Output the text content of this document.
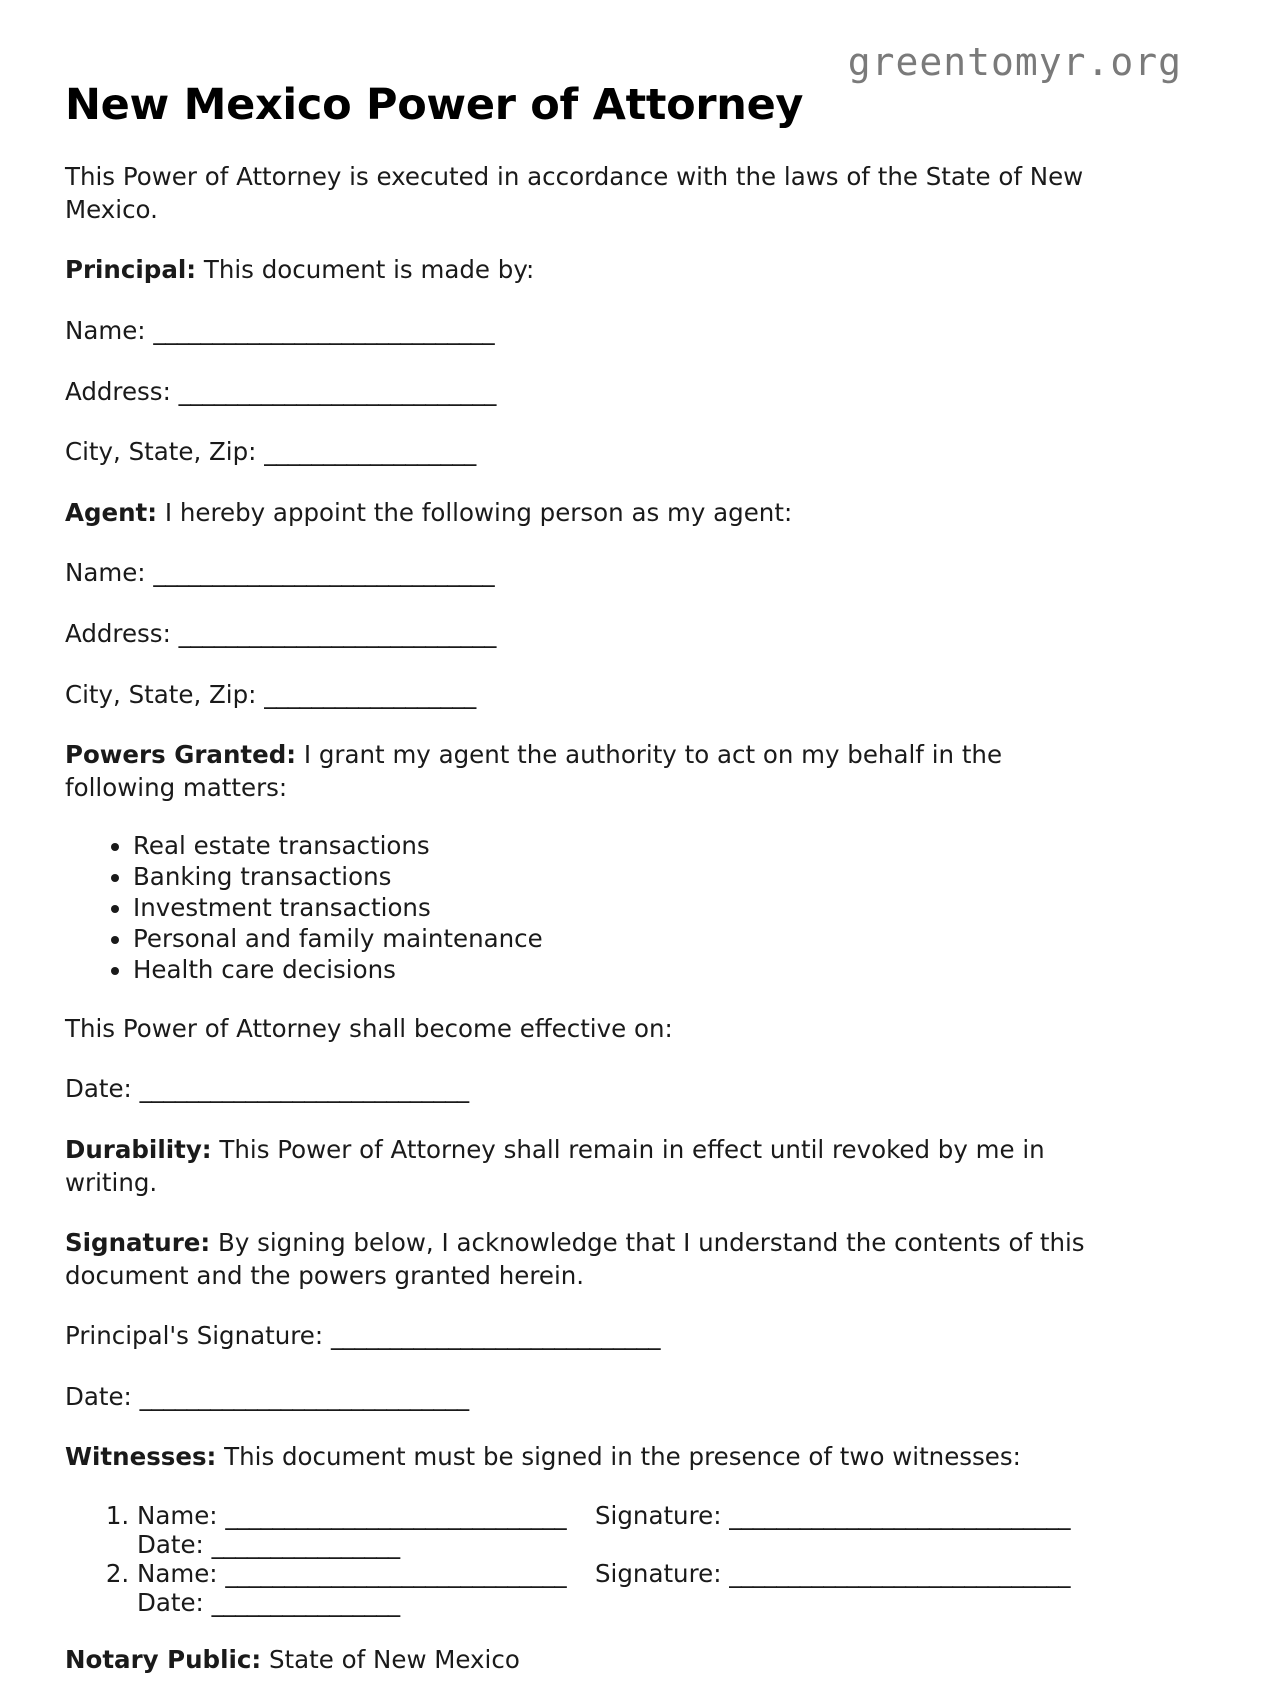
greentomyr.org
New Mexico Power of Attorney

This Power of Attorney is executed in accordance with the laws of the State of New Mexico.

Principal: This document is made by:

Name: _____________________________

Address: ___________________________

City, State, Zip: __________________

Agent: I hereby appoint the following person as my agent:

Name: _____________________________

Address: ___________________________

City, State, Zip: __________________

Powers Granted: I grant my agent the authority to act on my behalf in the following matters:

• Real estate transactions
• Banking transactions
• Investment transactions
• Personal and family maintenance
• Health care decisions

This Power of Attorney shall become effective on:

Date: ____________________________

Durability: This Power of Attorney shall remain in effect until revoked by me in writing.

Signature: By signing below, I acknowledge that I understand the contents of this document and the powers granted herein.

Principal's Signature: ____________________________

Date: ____________________________

Witnesses: This document must be signed in the presence of two witnesses:

1. Name: _____________________________ Signature: _____________________________
Date: ________________
2. Name: _____________________________ Signature: _____________________________
Date: ________________

Notary Public: State of New Mexico
